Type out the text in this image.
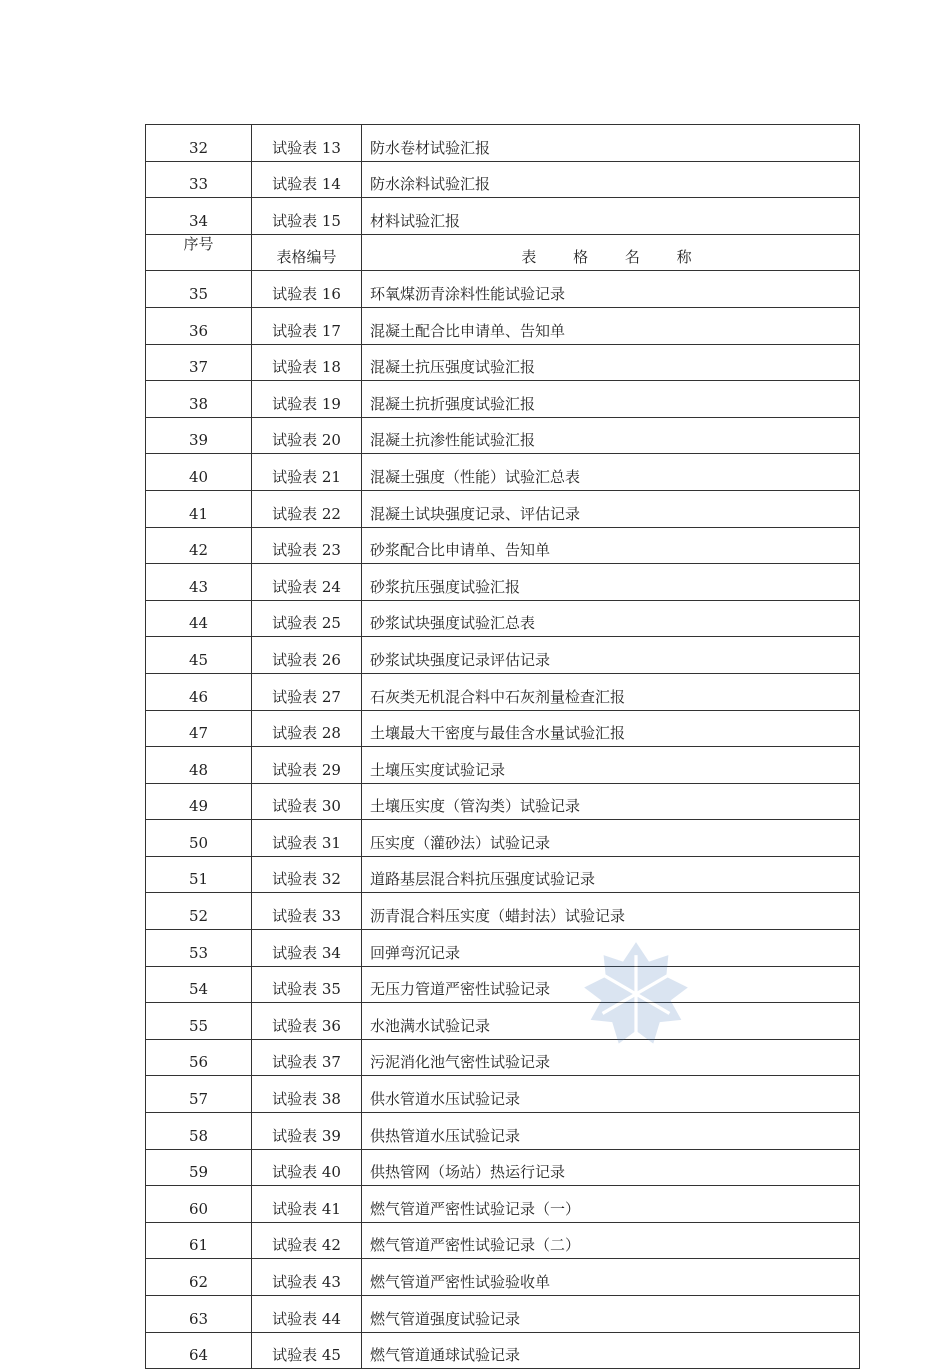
32	试验表 13	防水卷材试验汇报
33	试验表 14	防水涂料试验汇报
34	试验表 15	材料试验汇报
序号	表格编号	表 格 名 称
35	试验表 16	环氧煤沥青涂料性能试验记录
36	试验表 17	混凝土配合比申请单、告知单
37	试验表 18	混凝土抗压强度试验汇报
38	试验表 19	混凝土抗折强度试验汇报
39	试验表 20	混凝土抗渗性能试验汇报
40	试验表 21	混凝土强度（性能）试验汇总表
41	试验表 22	混凝土试块强度记录、评估记录
42	试验表 23	砂浆配合比申请单、告知单
43	试验表 24	砂浆抗压强度试验汇报
44	试验表 25	砂浆试块强度试验汇总表
45	试验表 26	砂浆试块强度记录评估记录
46	试验表 27	石灰类无机混合料中石灰剂量检查汇报
47	试验表 28	土壤最大干密度与最佳含水量试验汇报
48	试验表 29	土壤压实度试验记录
49	试验表 30	土壤压实度（管沟类）试验记录
50	试验表 31	压实度（灌砂法）试验记录
51	试验表 32	道路基层混合料抗压强度试验记录
52	试验表 33	沥青混合料压实度（蜡封法）试验记录
53	试验表 34	回弹弯沉记录
54	试验表 35	无压力管道严密性试验记录
55	试验表 36	水池满水试验记录
56	试验表 37	污泥消化池气密性试验记录
57	试验表 38	供水管道水压试验记录
58	试验表 39	供热管道水压试验记录
59	试验表 40	供热管网（场站）热运行记录
60	试验表 41	燃气管道严密性试验记录（一）
61	试验表 42	燃气管道严密性试验记录（二）
62	试验表 43	燃气管道严密性试验验收单
63	试验表 44	燃气管道强度试验记录
64	试验表 45	燃气管道通球试验记录
